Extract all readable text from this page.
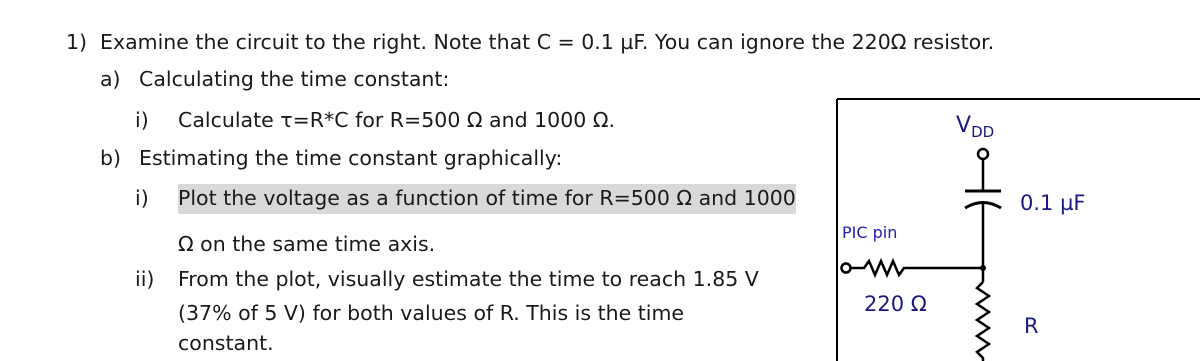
1) Examine the circuit to the right. Note that C = 0.1 µF. You can ignore the 220Ω resistor.
a) Calculating the time constant:
i) Calculate τ=R*C for R=500 Ω and 1000 Ω.
b) Estimating the time constant graphically:
i) Plot the voltage as a function of time for R=500 Ω and 1000
Ω on the same time axis.
ii) From the plot, visually estimate the time to reach 1.85 V
(37% of 5 V) for both values of R. This is the time
constant.
$V_{DD}$
0.1 µF
PIC pin
220 Ω
R
